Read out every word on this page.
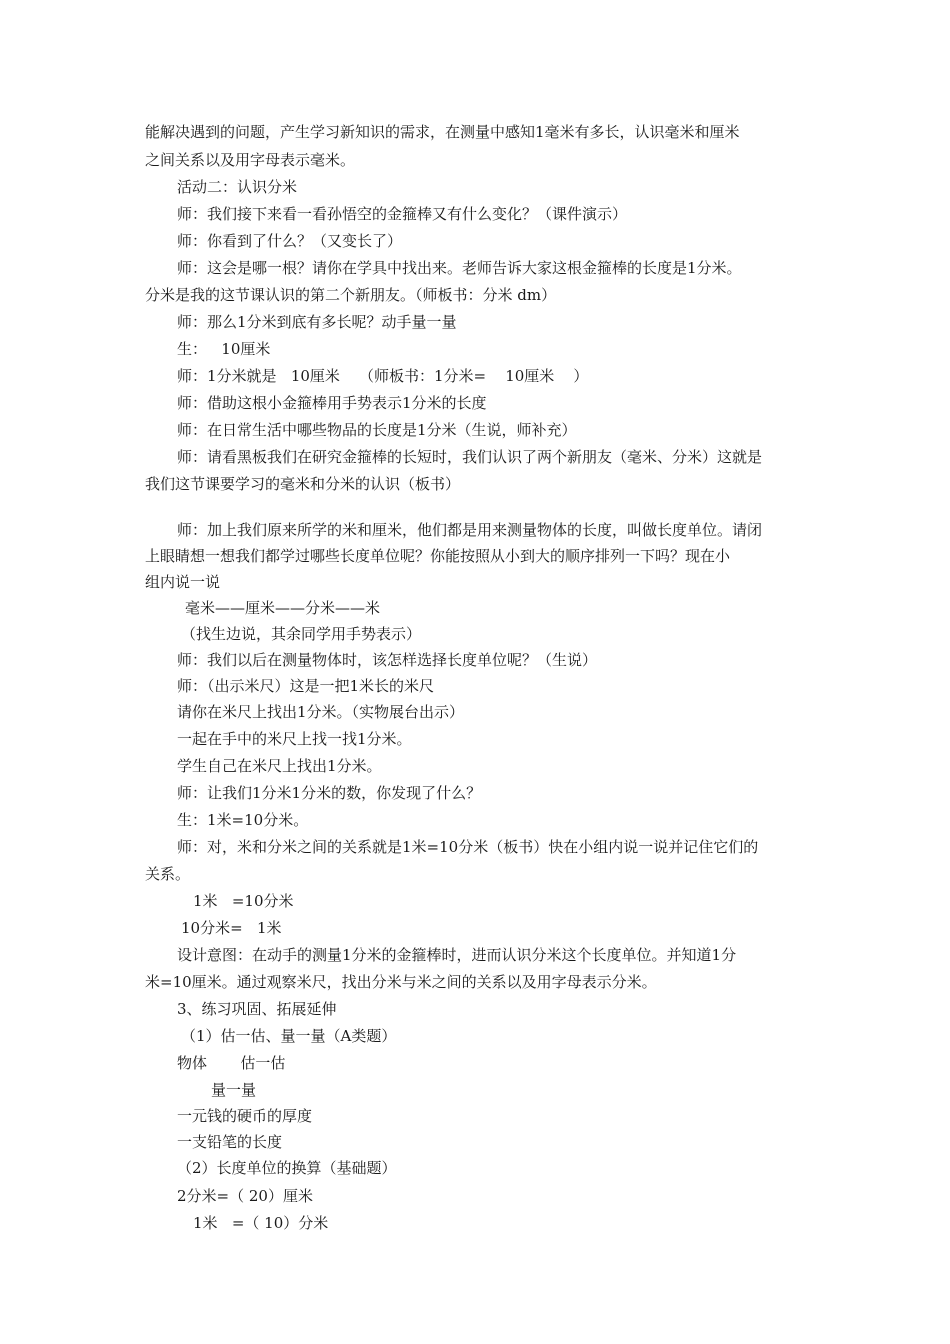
能解决遇到的问题，产生学习新知识的需求，在测量中感知1毫米有多长，认识毫米和厘米
之间关系以及用字母表示毫米。
活动二：认识分米
师：我们接下来看一看孙悟空的金箍棒又有什么变化？（课件演示）
师：你看到了什么？（又变长了）
师：这会是哪一根？请你在学具中找出来。老师告诉大家这根金箍棒的长度是1分米。
分米是我的这节课认识的第二个新朋友。（师板书：分米 dm）
师：那么1分米到底有多长呢？动手量一量
生：   10厘米
师：1分米就是   10厘米    （师板书：1分米=    10厘米    ）
师：借助这根小金箍棒用手势表示1分米的长度
师：在日常生活中哪些物品的长度是1分米（生说，师补充）
师：请看黑板我们在研究金箍棒的长短时，我们认识了两个新朋友（毫米、分米）这就是
我们这节课要学习的毫米和分米的认识（板书）
师：加上我们原来所学的米和厘米，他们都是用来测量物体的长度，叫做长度单位。请闭
上眼睛想一想我们都学过哪些长度单位呢？你能按照从小到大的顺序排列一下吗？现在小
组内说一说
毫米——厘米——分米——米
（找生边说，其余同学用手势表示）
师：我们以后在测量物体时，该怎样选择长度单位呢？（生说）
师：（出示米尺）这是一把1米长的米尺
请你在米尺上找出1分米。（实物展台出示）
一起在手中的米尺上找一找1分米。
学生自己在米尺上找出1分米。
师：让我们1分米1分米的数，你发现了什么？
生：1米=10分米。
师：对，米和分米之间的关系就是1米=10分米（板书）快在小组内说一说并记住它们的
关系。
1米   =10分米
10分米=   1米
设计意图：在动手的测量1分米的金箍棒时，进而认识分米这个长度单位。并知道1分
米=10厘米。通过观察米尺，找出分米与米之间的关系以及用字母表示分米。
3、练习巩固、拓展延伸
（1）估一估、量一量（A类题）
物体       估一估
量一量
一元钱的硬币的厚度
一支铅笔的长度
（2）长度单位的换算（基础题）
2分米=（ 20）厘米
1米   =（ 10）分米
